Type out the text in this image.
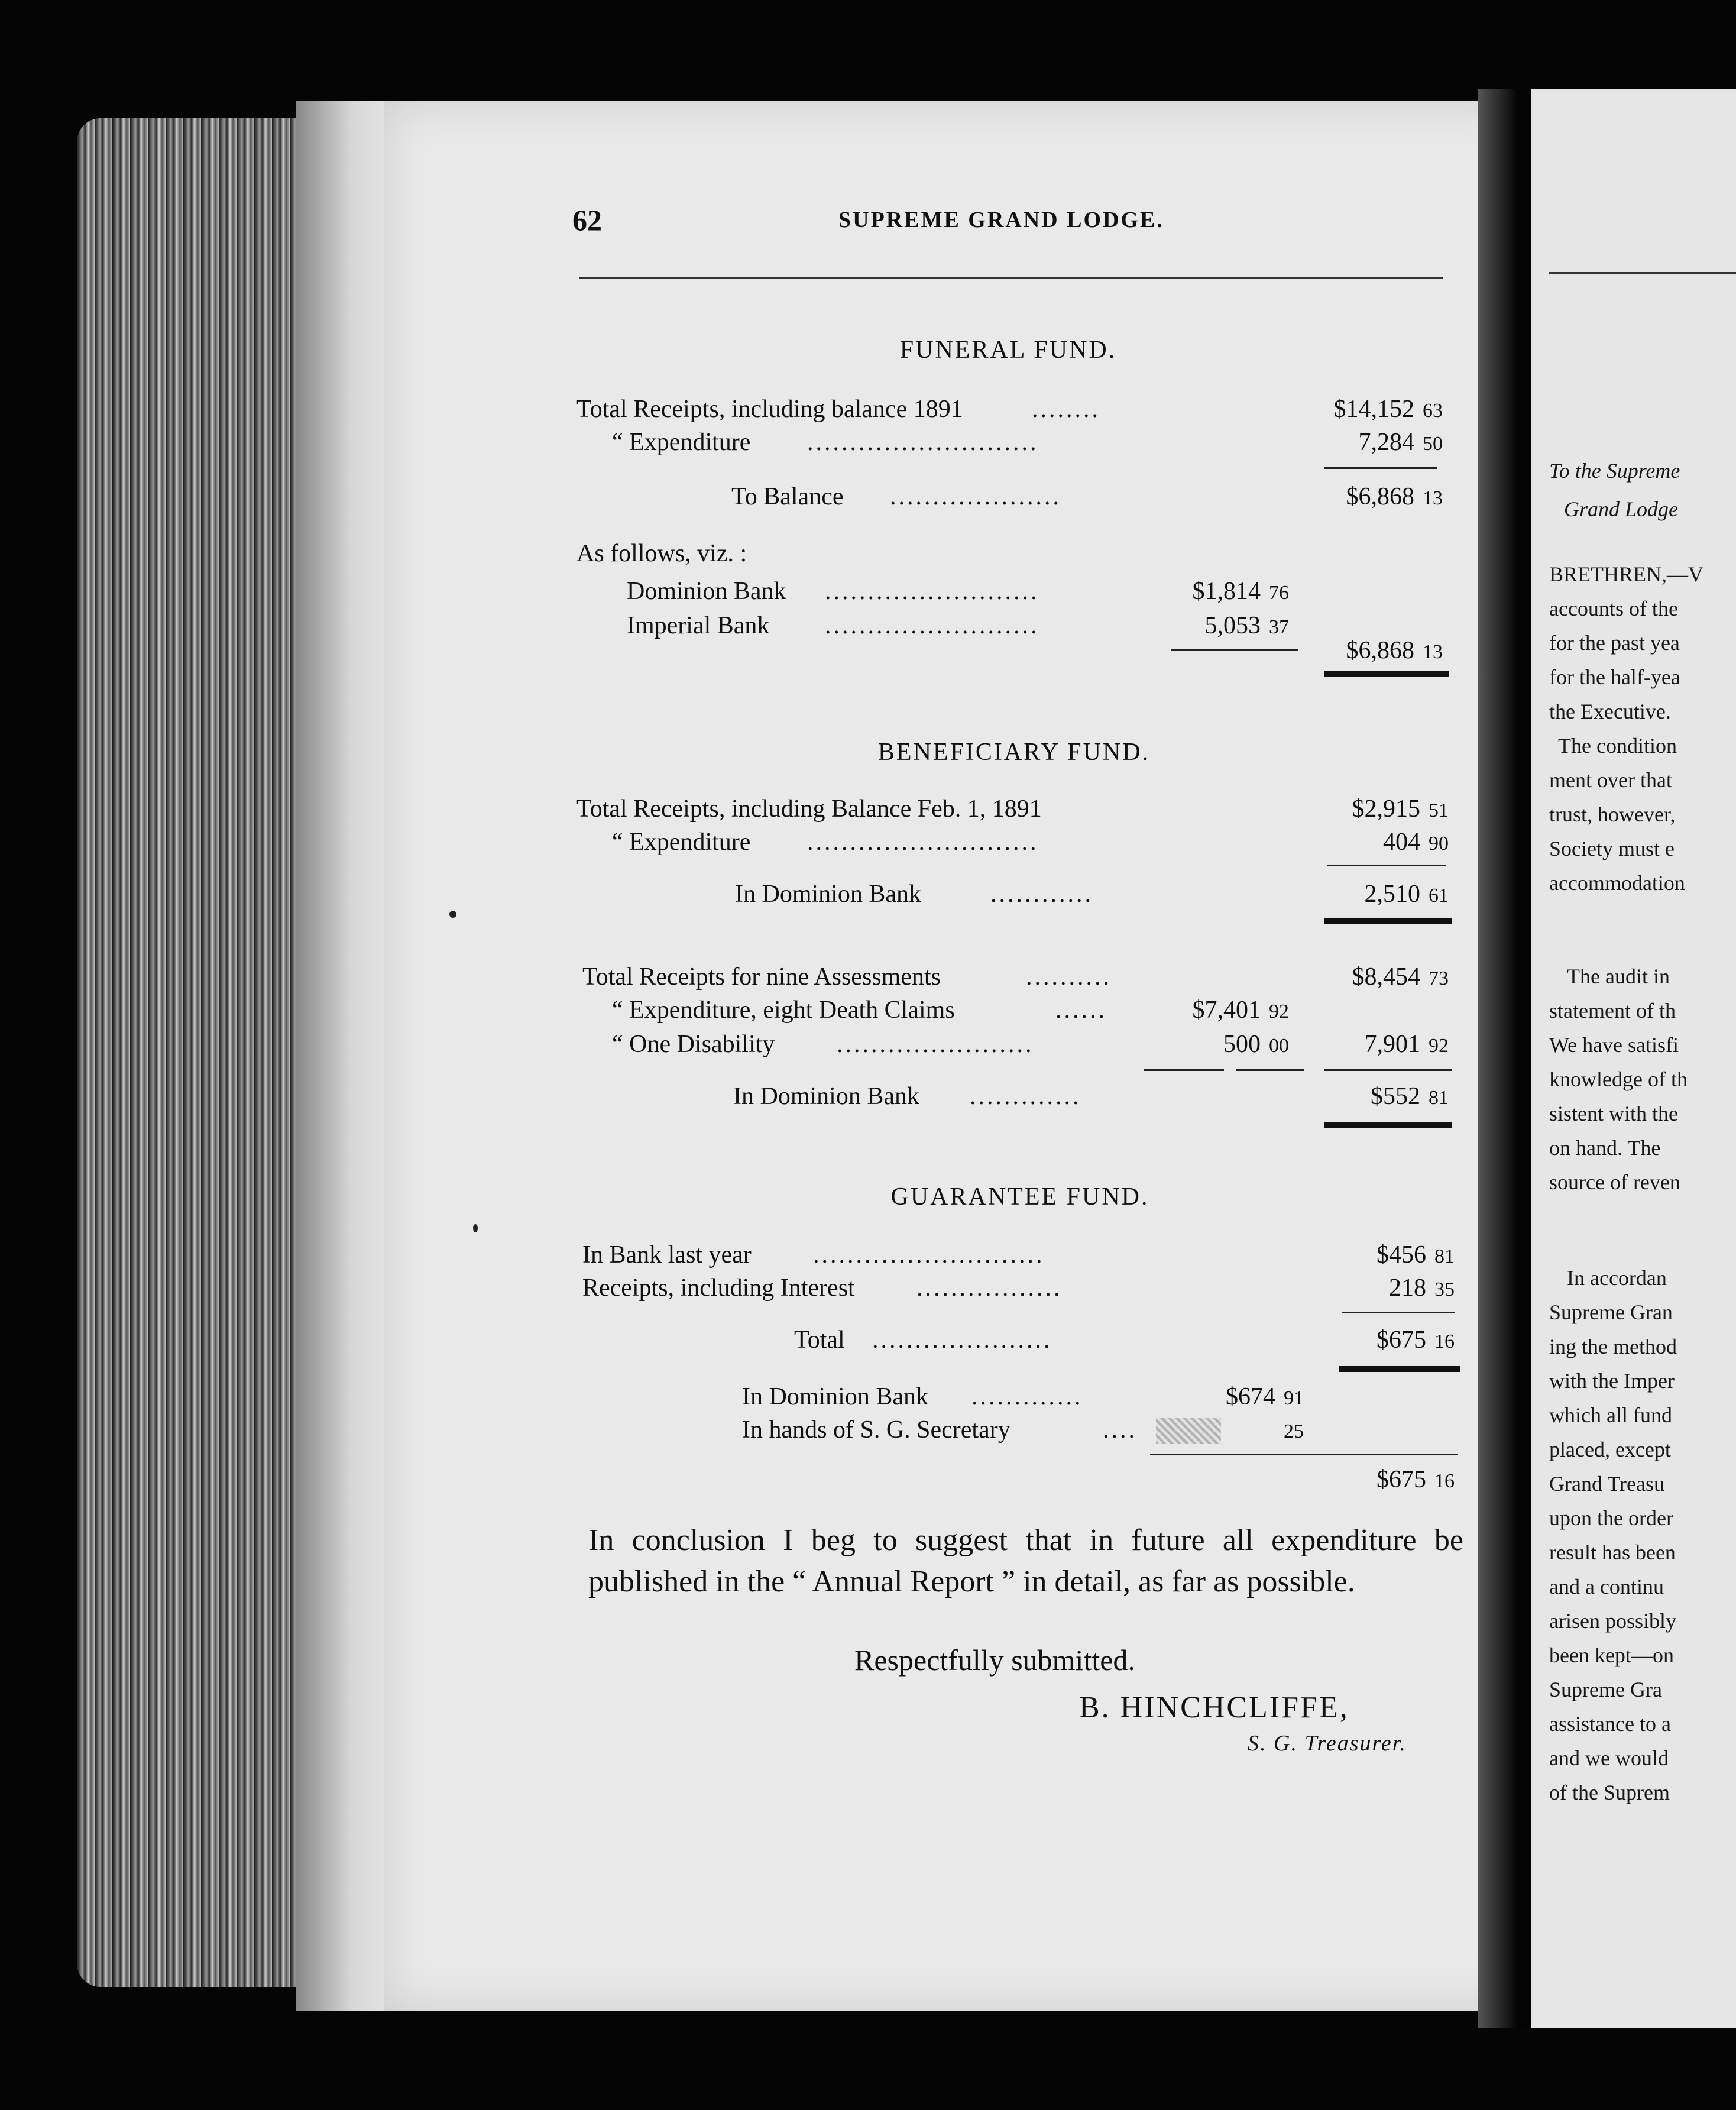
To the Supreme
Grand Lodge
BRETHREN,—V
accounts of the
for the past yea
for the half-yea
the Executive.
The condition
ment over that
trust, however,
Society must e
accommodation
The audit in
statement of th
We have satisfi
knowledge of th
sistent with the
on hand. The
source of reven
In accordan
Supreme Gran
ing the method
with the Imper
which all fund
placed, except
Grand Treasu
upon the order
result has been
and a continu
arisen possibly
been kept—on
Supreme Gra
assistance to a
and we would
of the Suprem
62	SUPREME GRAND LODGE.
FUNERAL FUND.
Total Receipts, including balance 1891	........	$14,152 63
“ Expenditure ...........................	7,284 50
To Balance ....................	$6,868 13
As follows, viz. :
Dominion Bank .........................	$1,814 76
Imperial Bank .........................	5,053 37
$6,868 13
BENEFICIARY FUND.
Total Receipts, including Balance Feb. 1, 1891	$2,915 51
“ Expenditure ...........................	404 90
In Dominion Bank	............	2,510 61
Total Receipts for nine Assessments	..........	$8,454 73
“ Expenditure, eight Death Claims	......	$7,401 92
“ One Disability .......................	500 00	7,901 92
In Dominion Bank .............	$552 81
GUARANTEE FUND.
In Bank last year ...........................	$456 81
Receipts, including Interest .................	218 35
Total .....................	$675 16
In Dominion Bank .............	$674 91
In hands of S. G. Secretary	....	25
$675 16
In conclusion I beg to suggest that in future all expenditure be published in the “ Annual Report ” in detail, as far as possible.
Respectfully submitted.
B. HINCHCLIFFE,
S. G. Treasurer.
